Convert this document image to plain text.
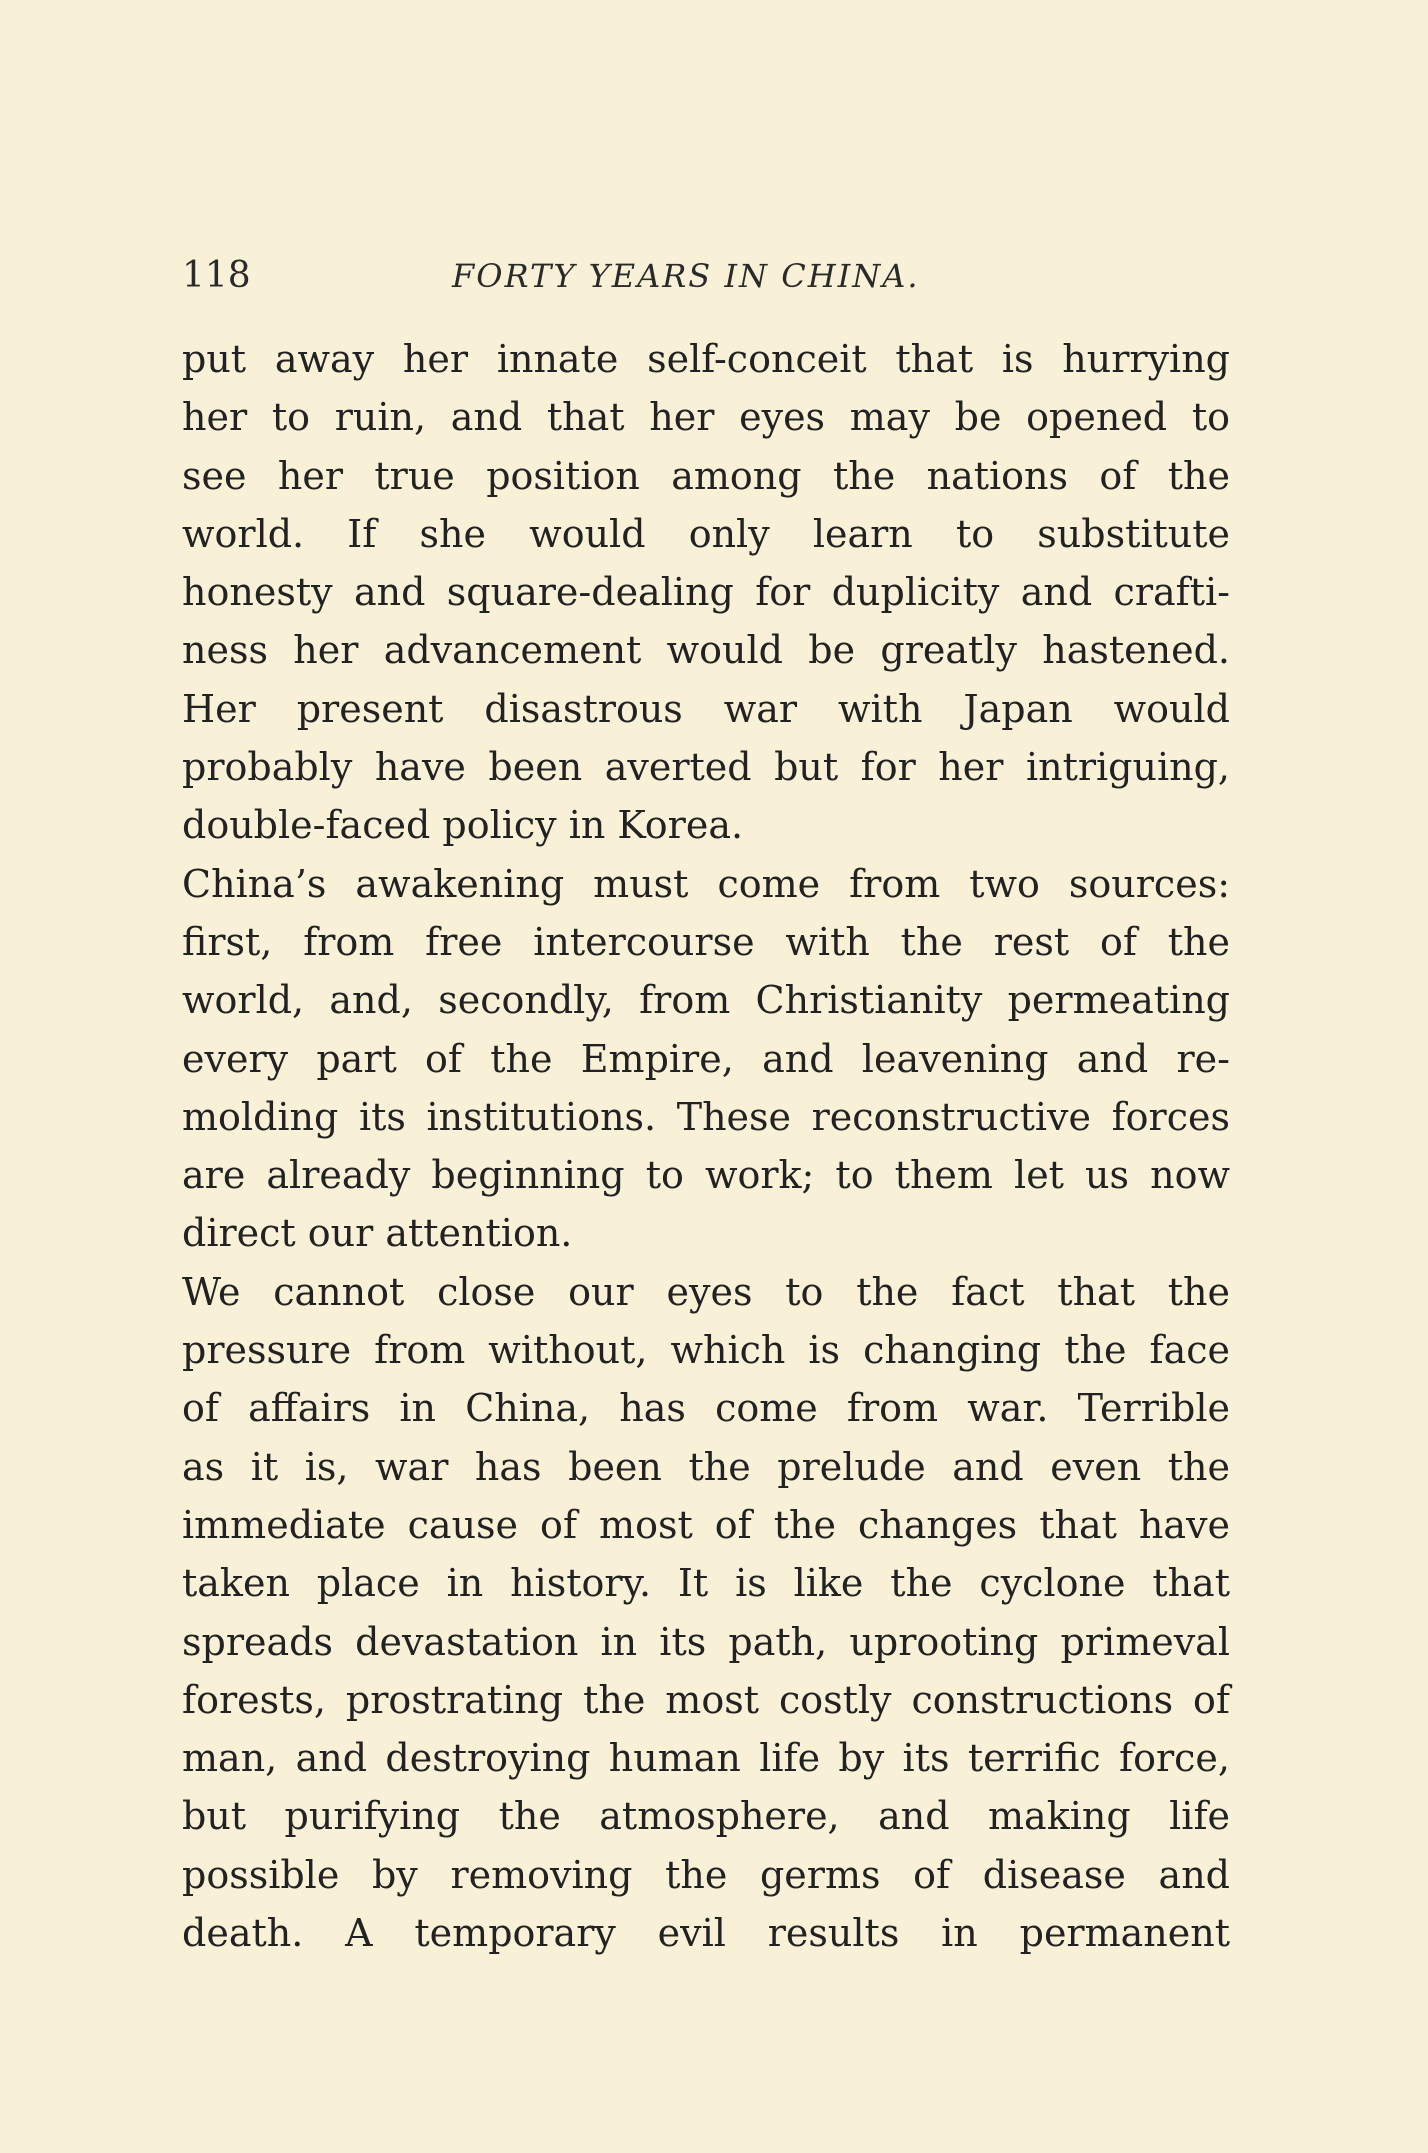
118	FORTY YEARS IN CHINA.
put away her innate self-conceit that is hurrying
her to ruin, and that her eyes may be opened to
see her true position among the nations of the
world. If she would only learn to substitute
honesty and square-dealing for duplicity and crafti-
ness her advancement would be greatly hastened.
Her present disastrous war with Japan would
probably have been averted but for her intriguing,
double-faced policy in Korea.
China’s awakening must come from two sources:
first, from free intercourse with the rest of the
world, and, secondly, from Christianity permeating
every part of the Empire, and leavening and re-
molding its institutions. These reconstructive forces
are already beginning to work; to them let us now
direct our attention.
We cannot close our eyes to the fact that the
pressure from without, which is changing the face
of affairs in China, has come from war. Terrible
as it is, war has been the prelude and even the
immediate cause of most of the changes that have
taken place in history. It is like the cyclone that
spreads devastation in its path, uprooting primeval
forests, prostrating the most costly constructions of
man, and destroying human life by its terrific force,
but purifying the atmosphere, and making life
possible by removing the germs of disease and
death. A temporary evil results in permanent
